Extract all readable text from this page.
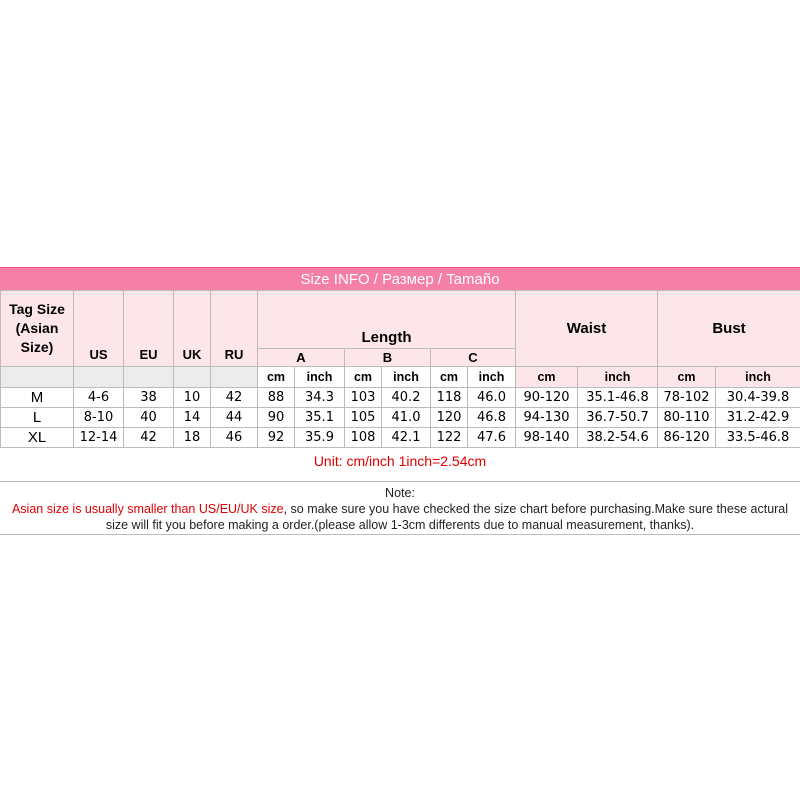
Size INFO / Размер / Tamaño
Tag Size (Asian Size)	US	EU	UK	RU	Length						Waist		Bust	
					A		B		C					
					cm	inch	cm	inch	cm	inch	cm	inch	cm	inch
M	4-6	38	10	42	88	34.3	103	40.2	118	46.0	90-120	35.1-46.8	78-102	30.4-39.8
L	8-10	40	14	44	90	35.1	105	41.0	120	46.8	94-130	36.7-50.7	80-110	31.2-42.9
XL	12-14	42	18	46	92	35.9	108	42.1	122	47.6	98-140	38.2-54.6	86-120	33.5-46.8
Unit: cm/inch 1inch=2.54cm
Note:
Asian size is usually smaller than US/EU/UK size, so make sure you have checked the size chart before purchasing.Make sure these actural
size will fit you before making a order.(please allow 1-3cm differents due to manual measurement, thanks).
